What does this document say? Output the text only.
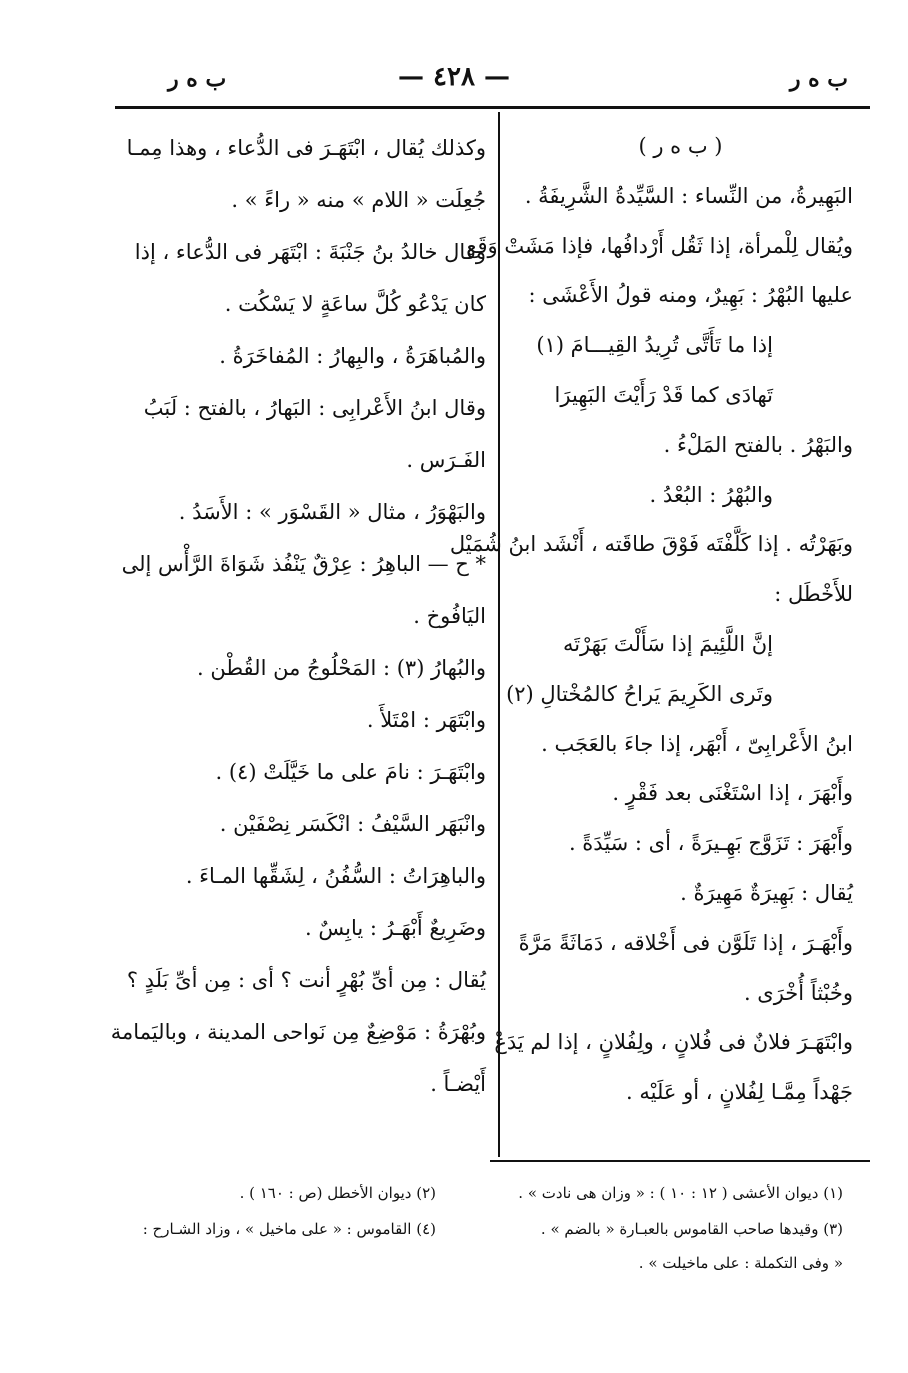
ب ه ر
— ٤٢٨ —
ب ه ر
( ب ه ر )
البَهِيرةُ، من النِّساء : السَّيِّدةُ الشَّرِيفَةُ .
ويُقال لِلْمرأة، إذا ثَقُل أَرْدافُها، فإذا مَشَتْ وَقَع
عليها البُهْرُ : بَهِيرٌ، ومنه قولُ الأَعْشَى :
إذا ما تَأَتَّى تُرِيدُ القِيـــامَ (١)
تَهادَى كما قَدْ رَأَيْتَ البَهِيرَا
والبَهْرُ . بالفتح المَلْءُ .
والبُهْرُ : البُعْدُ .
وبَهَرْتُه . إذا كَلَّفْتَه فَوْقَ طاقَته ، أَنْشَد ابنُ شُمَيْل
للأَخْطَل :
إنَّ اللَّئِيمَ إذا سَأَلْتَ بَهَرْتَه
وتَرى الكَرِيمَ يَراحُ كالمُخْتالِ (٢)
ابنُ الأَعْرابِىّ ، أَبْهَر، إذا جاءَ بالعَجَب .
وأَبْهَرَ ، إذا اسْتَغْنَى بعد فَقْرٍ .
وأَبْهَرَ : تَزَوَّج بَهِـيرَةً ، أى : سَيِّدَةً .
يُقال : بَهِيرَةٌ مَهِيرَةٌ .
وأَبْهَـرَ ، إذا تَلَوَّن فى أَخْلاقه ، دَمَاثَةً مَرَّةً
وخُبْثاً أُخْرَى .
وابْتَهَـرَ فلانٌ فى فُلانٍ ، ولِفُلانٍ ، إذا لم يَدَعْ
جَهْداً مِمَّـا لِفُلانٍ ، أو عَلَيْه .
وكذلك يُقال ، ابْتَهَـرَ فى الدُّعاء ، وهذا مِمـا
جُعِلَت « اللام » منه « راءً » .
وقال خالدُ بنُ جَنْبَةَ : ابْتَهَر فى الدُّعاء ، إذا
كان يَدْعُو كُلَّ ساعَةٍ لا يَسْكُت .
والمُباهَرَةُ ، والبِهارُ : المُفاخَرَةُ .
وقال ابنُ الأَعْرابِى : البَهارُ ، بالفتح : لَبَبُ
الفَـرَس .
والبَهْوَرُ ، مثال « القَسْوَر » : الأَسَدُ .
* ح — الباهِرُ : عِرْقٌ يَنْفُذ شَوَاةَ الرَّأْس إلى
اليَافُوخ .
والبُهارُ (٣) : المَحْلُوجُ من القُطْن .
وابْتَهَر : امْتَلأَ .
وابْتَهَـرَ : نامَ على ما خَيَّلَتْ (٤) .
وانْبَهَر السَّيْفُ : انْكَسَر نِصْفَيْن .
والباهِرَاتُ : السُّفُنُ ، لِشَقِّها المـاءَ .
وضَرِيعٌ أَبْهَـرُ : يابِسٌ .
يُقال : مِن أىِّ بُهْرٍ أنت ؟ أى : مِن أىِّ بَلَدٍ ؟
وبُهْرَةُ : مَوْضِعٌ مِن نَواحى المدينة ، وباليَمامة
أَيْضـاً .
(١) ديوان الأعشى ( ١٢ : ١٠ ) : « وزان هى نادت » .
(٢) ديوان الأخطل (ص : ١٦٠ ) .
(٣) وقيدها صاحب القاموس بالعبـارة « بالضم » .
(٤) القاموس : « على ماخيل » ، وزاد الشـارح :
« وفى التكملة : على ماخيلت » .
